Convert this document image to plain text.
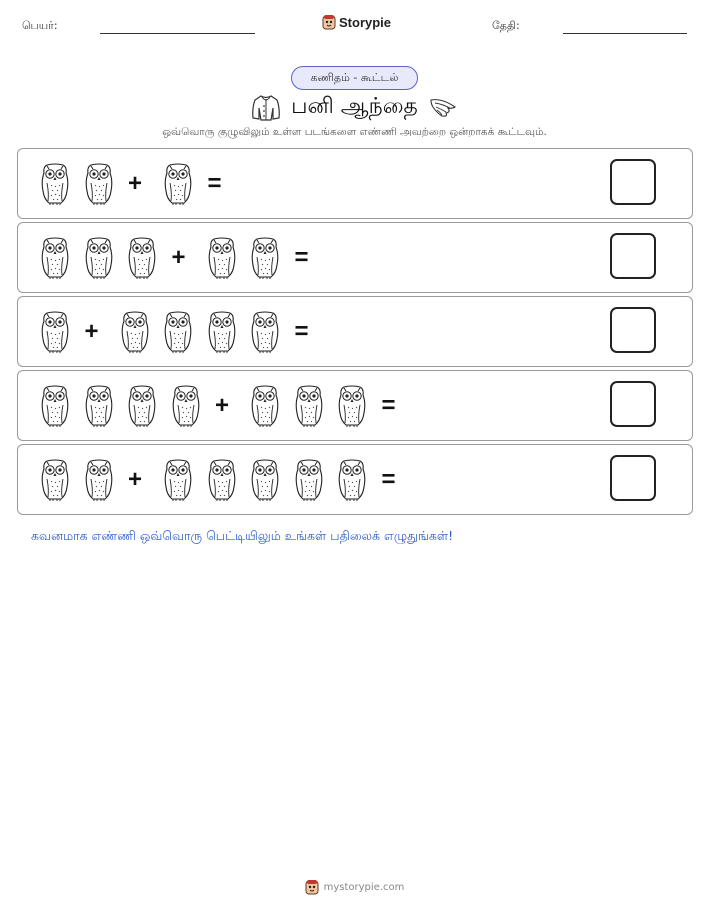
பெயர்:	Storypie	தேதி:
கணிதம் - கூட்டல்
பனி ஆந்தை
ஒவ்வொரு குழுவிலும் உள்ள படங்களை எண்ணி அவற்றை ஒன்றாகக் கூட்டவும்.
+	=
+	=
+	=
+	=
+	=
கவனமாக எண்ணி ஒவ்வொரு பெட்டியிலும் உங்கள் பதிலைக் எழுதுங்கள்!
mystorypie.com
